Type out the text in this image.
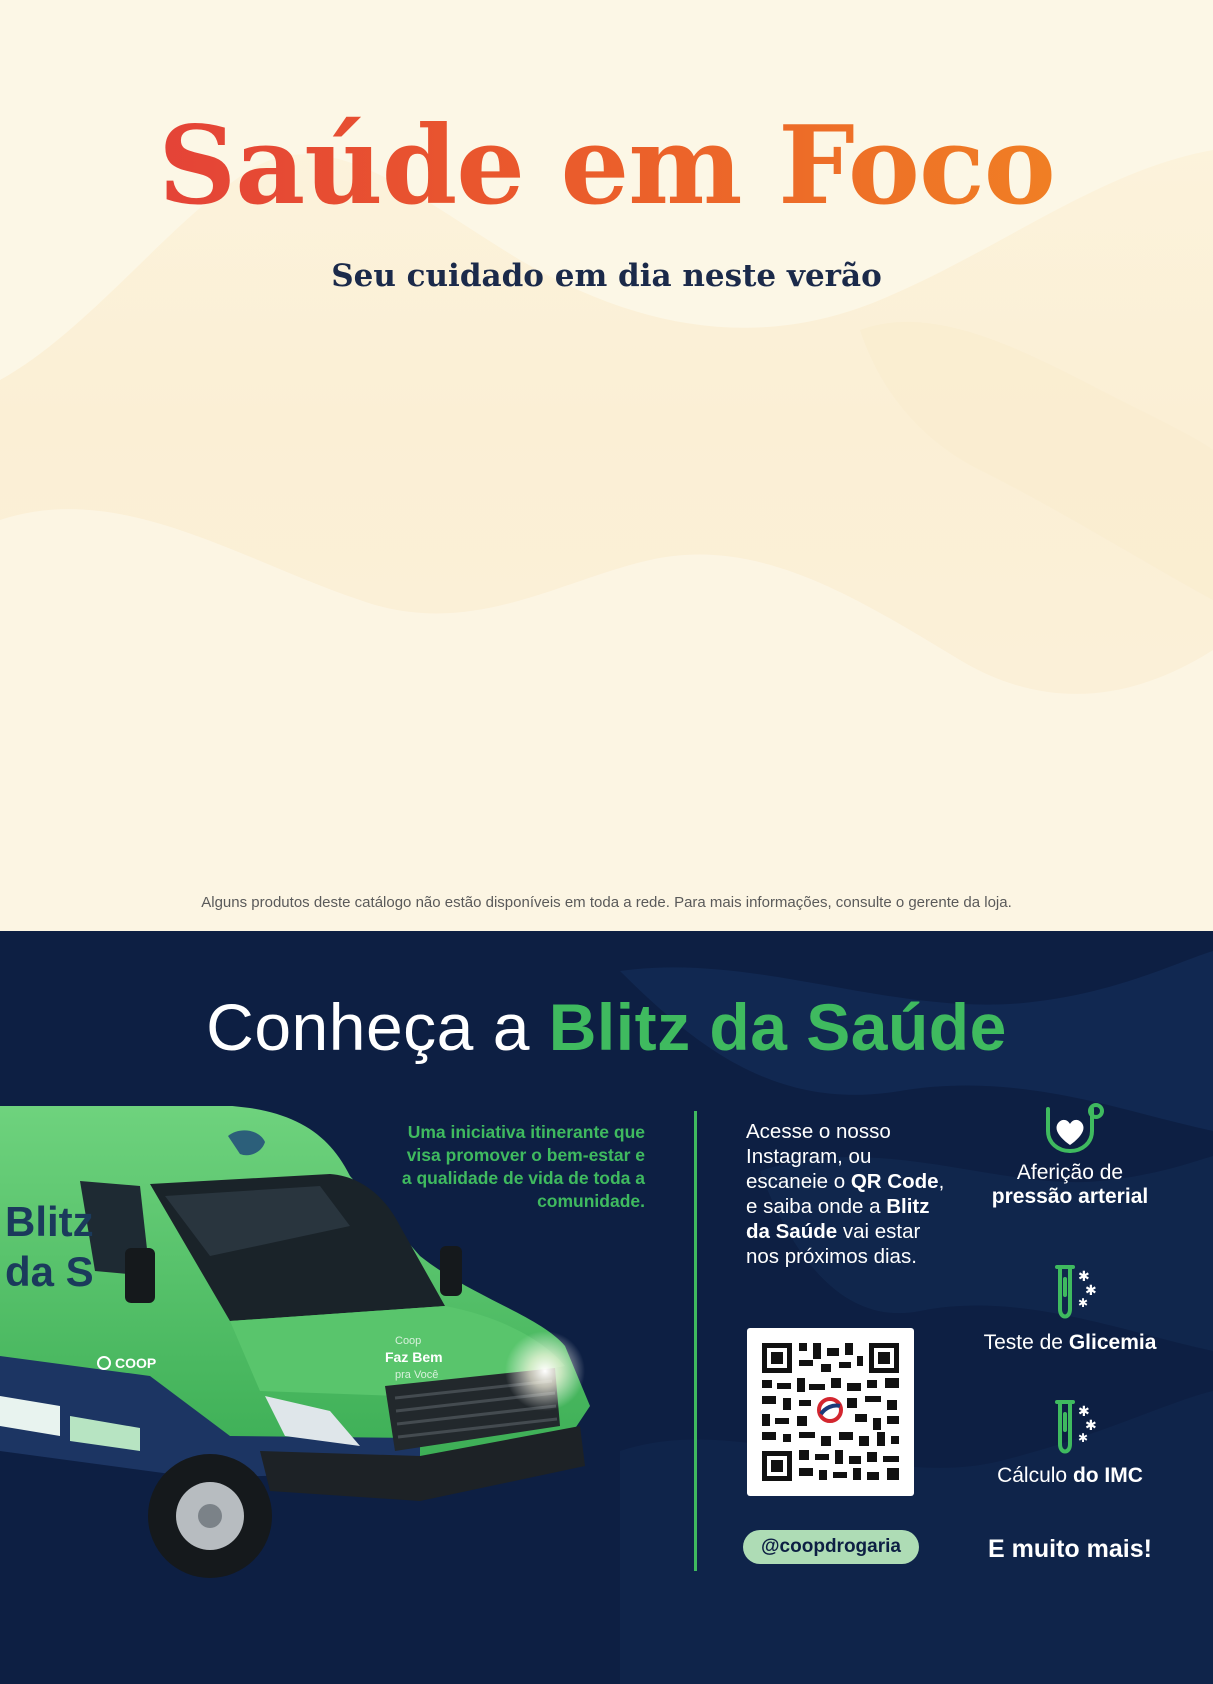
Saúde em Foco
Seu cuidado em dia neste verão
Alguns produtos deste catálogo não estão disponíveis em toda a rede. Para mais informações, consulte o gerente da loja.
Conheça a Blitz da Saúde
Blitz
da S
COOP
Coop
Faz Bem
pra Você
Uma iniciativa itinerante que visa promover o bem-estar e a qualidade de vida de toda a comunidade.
Acesse o nosso Instagram, ou escaneie o QR Code, e saiba onde a Blitz da Saúde vai estar nos próximos dias.
@coopdrogaria
Aferição de
pressão arterial
✱
✱
✱
Teste de Glicemia
✱
✱
✱
Cálculo do IMC
E muito mais!
